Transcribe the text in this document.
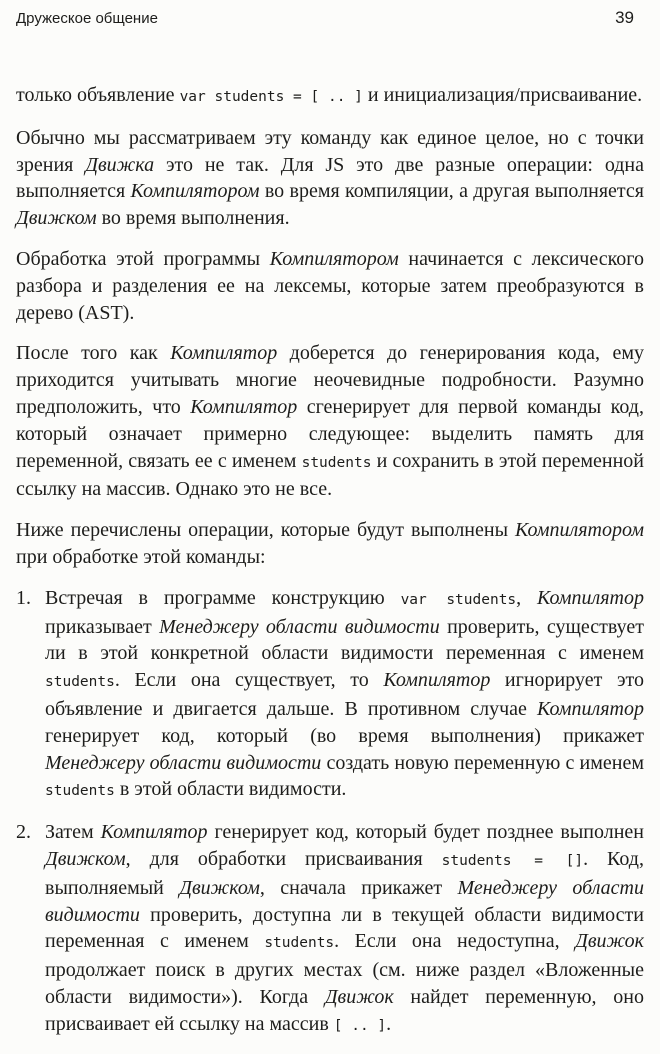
Дружеское общение	39

только объявление var students = [ .. ] и инициализация/присваивание.

Обычно мы рассматриваем эту команду как единое целое, но с точки зрения Движка это не так. Для JS это две разные операции: одна выполняется Компилятором во время компиляции, а другая выполняется Движком во время выполнения.

Обработка этой программы Компилятором начинается с лексического разбора и разделения ее на лексемы, которые затем преобразуются в дерево (AST).

После того как Компилятор доберется до генерирования кода, ему приходится учитывать многие неочевидные подробности. Разумно предположить, что Компилятор сгенерирует для первой команды код, который означает примерно следующее: выделить память для переменной, связать ее с именем students и сохранить в этой переменной ссылку на массив. Однако это не все.

Ниже перечислены операции, которые будут выполнены Компилятором при обработке этой команды:

1. Встречая в программе конструкцию var students, Компилятор приказывает Менеджеру области видимости проверить, существует ли в этой конкретной области видимости переменная с именем students. Если она существует, то Компилятор игнорирует это объявление и двигается дальше. В противном случае Компилятор генерирует код, который (во время выполнения) прикажет Менеджеру области видимости создать новую переменную с именем students в этой области видимости.
2. Затем Компилятор генерирует код, который будет позднее выполнен Движком, для обработки присваивания students = []. Код, выполняемый Движком, сначала прикажет Менеджеру области видимости проверить, доступна ли в текущей области видимости переменная с именем students. Если она недоступна, Движок продолжает поиск в других местах (см. ниже раздел «Вложенные области видимости»). Когда Движок найдет переменную, оно присваивает ей ссылку на массив [ .. ].
